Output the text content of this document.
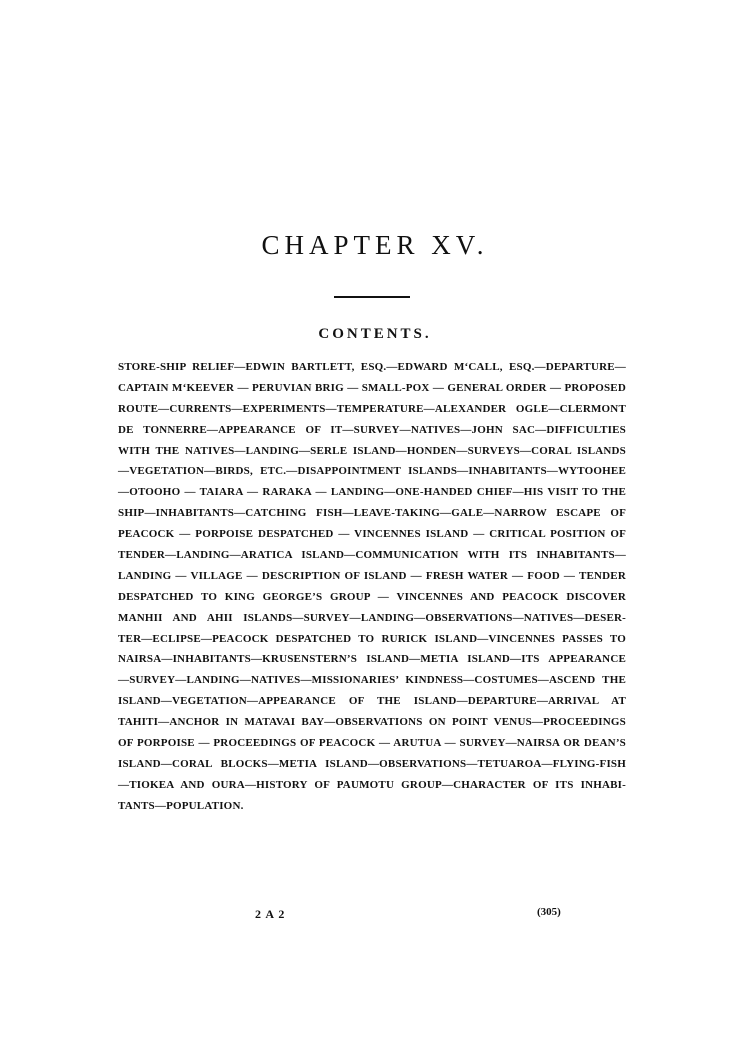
CHAPTER XV.
CONTENTS.
STORE-SHIP RELIEF—EDWIN BARTLETT, ESQ.—EDWARD M‘CALL, ESQ.—DEPARTURE—
CAPTAIN M‘KEEVER — PERUVIAN BRIG — SMALL-POX — GENERAL ORDER — PROPOSED
ROUTE—CURRENTS—EXPERIMENTS—TEMPERATURE—ALEXANDER OGLE—CLERMONT
DE TONNERRE—APPEARANCE OF IT—SURVEY—NATIVES—JOHN SAC—DIFFICULTIES
WITH THE NATIVES—LANDING—SERLE ISLAND—HONDEN—SURVEYS—CORAL ISLANDS
—VEGETATION—BIRDS, ETC.—DISAPPOINTMENT ISLANDS—INHABITANTS—WYTOOHEE
—OTOOHO — TAIARA — RARAKA — LANDING—ONE-HANDED CHIEF—HIS VISIT TO THE
SHIP—INHABITANTS—CATCHING FISH—LEAVE-TAKING—GALE—NARROW ESCAPE OF
PEACOCK — PORPOISE DESPATCHED — VINCENNES ISLAND — CRITICAL POSITION OF
TENDER—LANDING—ARATICA ISLAND—COMMUNICATION WITH ITS INHABITANTS—
LANDING — VILLAGE — DESCRIPTION OF ISLAND — FRESH WATER — FOOD — TENDER
DESPATCHED TO KING GEORGE’S GROUP — VINCENNES AND PEACOCK DISCOVER
MANHII AND AHII ISLANDS—SURVEY—LANDING—OBSERVATIONS—NATIVES—DESER-
TER—ECLIPSE—PEACOCK DESPATCHED TO RURICK ISLAND—VINCENNES PASSES TO
NAIRSA—INHABITANTS—KRUSENSTERN’S ISLAND—METIA ISLAND—ITS APPEARANCE
—SURVEY—LANDING—NATIVES—MISSIONARIES’ KINDNESS—COSTUMES—ASCEND THE
ISLAND—VEGETATION—APPEARANCE OF THE ISLAND—DEPARTURE—ARRIVAL AT
TAHITI—ANCHOR IN MATAVAI BAY—OBSERVATIONS ON POINT VENUS—PROCEEDINGS
OF PORPOISE — PROCEEDINGS OF PEACOCK — ARUTUA — SURVEY—NAIRSA OR DEAN’S
ISLAND—CORAL BLOCKS—METIA ISLAND—OBSERVATIONS—TETUAROA—FLYING-FISH
—TIOKEA AND OURA—HISTORY OF PAUMOTU GROUP—CHARACTER OF ITS INHABI-
TANTS—POPULATION.
2 A 2	(305)
